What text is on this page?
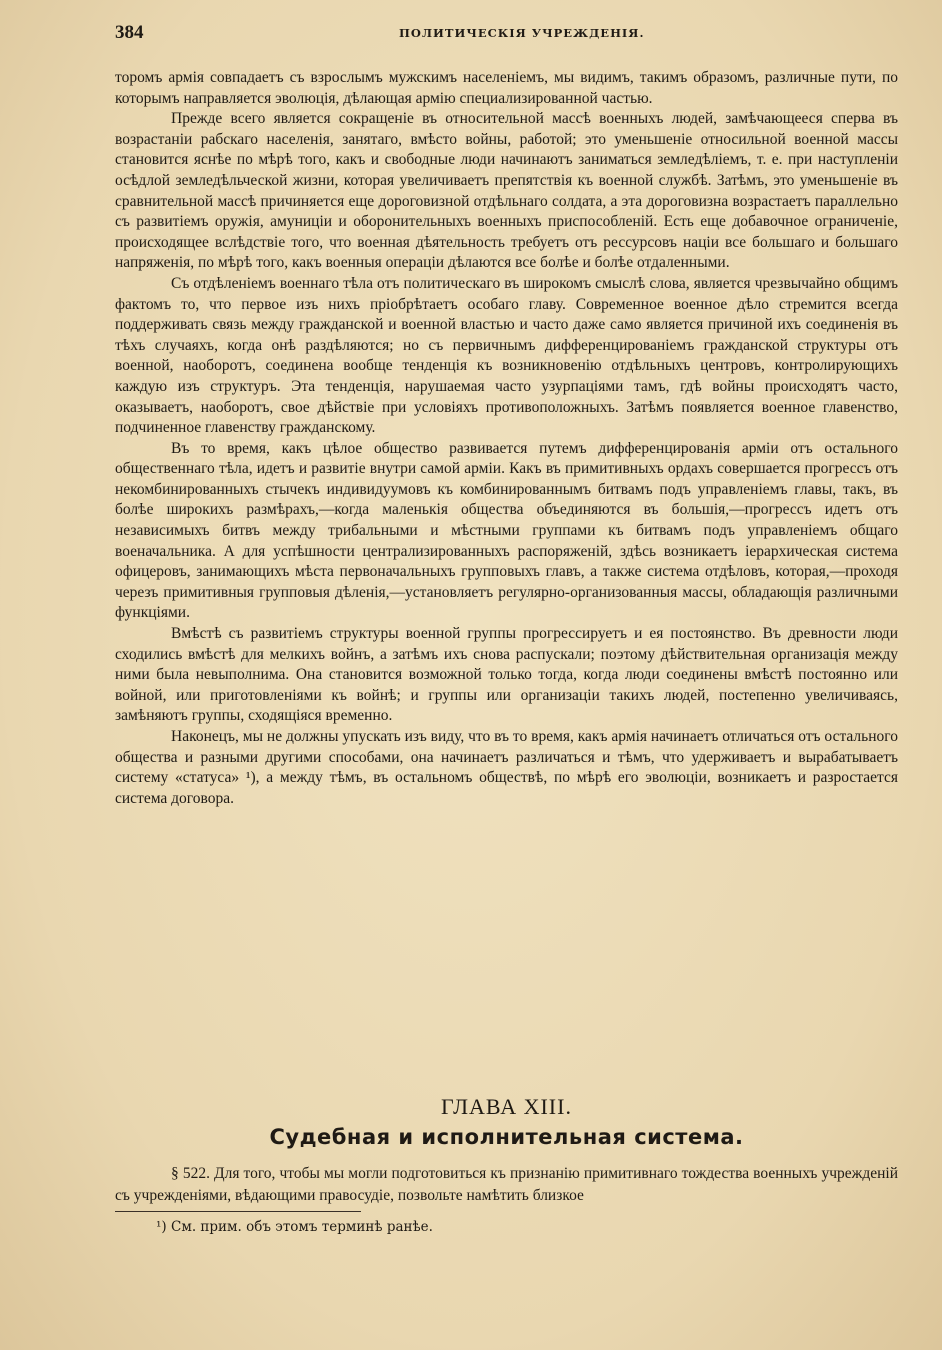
384	ПОЛИТИЧЕСКІЯ УЧРЕЖДЕНІЯ.

торомъ армія совпадаетъ съ взрослымъ мужскимъ населеніемъ, мы видимъ, такимъ образомъ, различные пути, по которымъ направляется эволюція, дѣлающая армію специализированной частью.

Прежде всего является сокращеніе въ относительной массѣ военныхъ людей, замѣчающееся сперва въ возрастаніи рабскаго населенія, занятаго, вмѣсто войны, работой; это уменьшеніе относильной военной массы становится яснѣе по мѣрѣ того, какъ и свободные люди начинаютъ заниматься земледѣліемъ, т. е. при наступленіи осѣдлой земледѣльческой жизни, которая увеличиваетъ препятствія къ военной службѣ. Затѣмъ, это уменьшеніе въ сравнительной массѣ причиняется еще дороговизной отдѣльнаго солдата, а эта дороговизна возрастаетъ параллельно съ развитіемъ оружія, амуниціи и оборонительныхъ военныхъ приспособленій. Есть еще добавочное ограниченіе, происходящее вслѣдствіе того, что военная дѣятельность требуетъ отъ рессурсовъ націи все большаго и большаго напряженія, по мѣрѣ того, какъ военныя операціи дѣлаются все болѣе и болѣе отдаленными.

Съ отдѣленіемъ военнаго тѣла отъ политическаго въ широкомъ смыслѣ слова, является чрезвычайно общимъ фактомъ то, что первое изъ нихъ пріобрѣтаетъ особаго главу. Современное военное дѣло стремится всегда поддерживать связь между гражданской и военной властью и часто даже само является причиной ихъ соединенія въ тѣхъ случаяхъ, когда онѣ раздѣляются; но съ первичнымъ дифференцированіемъ гражданской структуры отъ военной, наоборотъ, соединена вообще тенденція къ возникновенію отдѣльныхъ центровъ, контролирующихъ каждую изъ структуръ. Эта тенденція, нарушаемая часто узурпаціями тамъ, гдѣ войны происходятъ часто, оказываетъ, наоборотъ, свое дѣйствіе при условіяхъ противоположныхъ. Затѣмъ появляется военное главенство, подчиненное главенству гражданскому.

Въ то время, какъ цѣлое общество развивается путемъ дифференцированія арміи отъ остального общественнаго тѣла, идетъ и развитіе внутри самой арміи. Какъ въ примитивныхъ ордахъ совершается прогрессъ отъ некомбинированныхъ стычекъ индивидуумовъ къ комбинированнымъ битвамъ подъ управленіемъ главы, такъ, въ болѣе широкихъ размѣрахъ,—когда маленькія общества объединяются въ большія,—прогрессъ идетъ отъ независимыхъ битвъ между трибальными и мѣстными группами къ битвамъ подъ управленіемъ общаго военачальника. А для успѣшности централизированныхъ распоряженій, здѣсь возникаетъ іерархическая система офицеровъ, занимающихъ мѣста первоначальныхъ групповыхъ главъ, а также система отдѣловъ, которая,—проходя черезъ примитивныя групповыя дѣленія,—установляетъ регулярно-организованныя массы, обладающія различными функціями.

Вмѣстѣ съ развитіемъ структуры военной группы прогрессируетъ и ея постоянство. Въ древности люди сходились вмѣстѣ для мелкихъ войнъ, а затѣмъ ихъ снова распускали; поэтому дѣйствительная организація между ними была невыполнима. Она становится возможной только тогда, когда люди соединены вмѣстѣ постоянно или войной, или приготовленіями къ войнѣ; и группы или организаціи такихъ людей, постепенно увеличиваясь, замѣняютъ группы, сходящіяся временно.

Наконецъ, мы не должны упускать изъ виду, что въ то время, какъ армія начинаетъ отличаться отъ остального общества и разными другими способами, она начинаетъ различаться и тѣмъ, что удерживаетъ и вырабатываетъ систему «статуса» ¹), а между тѣмъ, въ остальномъ обществѣ, по мѣрѣ его эволюціи, возникаетъ и разростается система договора.

ГЛАВА XIII.
Судебная и исполнительная система.
§ 522. Для того, чтобы мы могли подготовиться къ признанію примитивнаго тождества военныхъ учрежденій съ учрежденіями, вѣдающими правосудіе, позвольте намѣтить близкое
¹) См. прим. объ этомъ терминѣ ранѣе.
